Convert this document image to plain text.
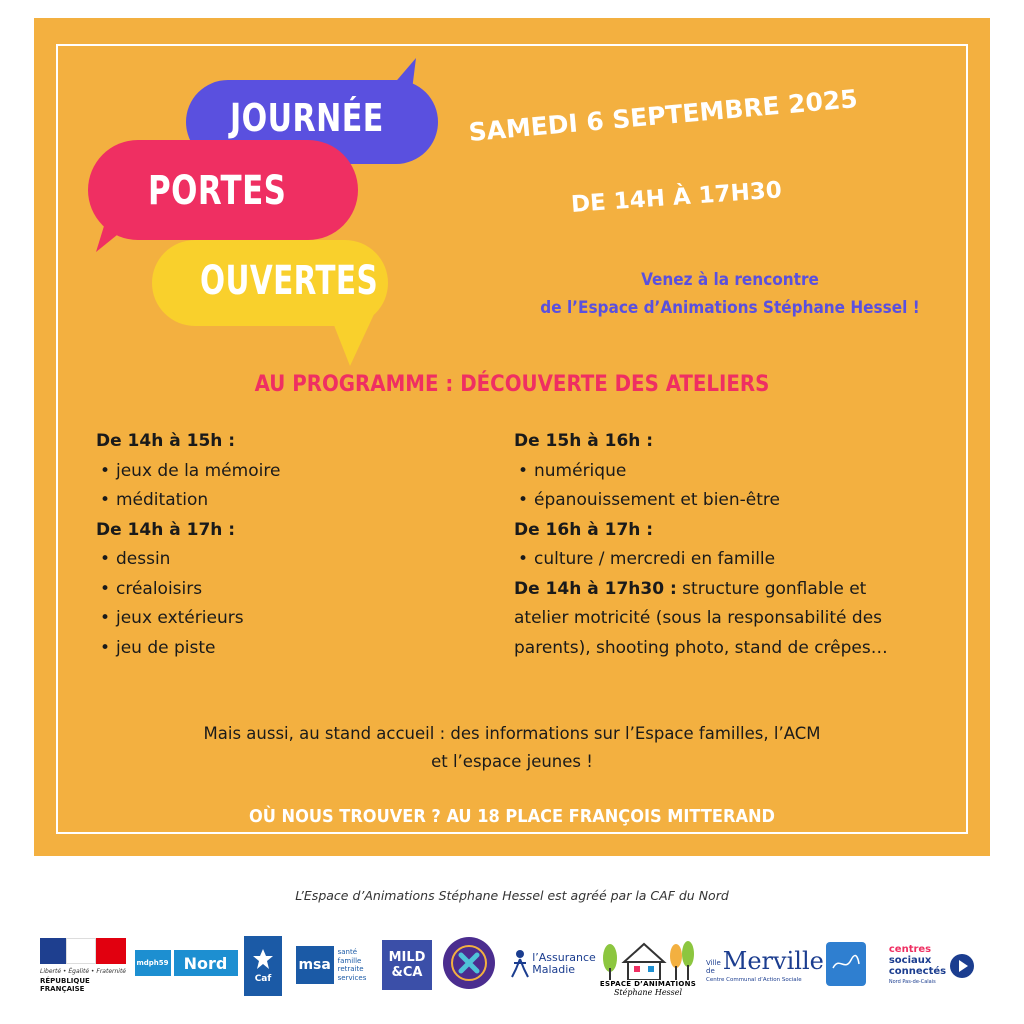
JOURNÉE
PORTES
OUVERTES
SAMEDI 6 SEPTEMBRE 2025
DE 14H À 17H30
Venez à la rencontre
de l’Espace d’Animations Stéphane Hessel !
AU PROGRAMME : DÉCOUVERTE DES ATELIERS
De 14h à 15h :
• jeux de la mémoire
• méditation
De 14h à 17h :
• dessin
• créaloisirs
• jeux extérieurs
• jeu de piste
De 15h à 16h :
• numérique
• épanouissement et bien-être
De 16h à 17h :
• culture / mercredi en famille
De 14h à 17h30 : structure gonflable et
atelier motricité (sous la responsabilité des
parents), shooting photo, stand de crêpes…
Mais aussi, au stand accueil : des informations sur l’Espace familles, l’ACM
et l’espace jeunes !
OÙ NOUS TROUVER ? AU 18 PLACE FRANÇOIS MITTERAND
L’Espace d’Animations Stéphane Hessel est agréé par la CAF du Nord
Liberté • Égalité • Fraternité
RÉPUBLIQUE FRANÇAISE
mdph59 Nord
Caf
msa
santé
famille
retraite
services
MILD
&CA
l’Assurance
Maladie
ESPACE D’ANIMATIONS
Stéphane Hessel
Ville de Merville
Centre Communal d’Action Sociale
centres
sociaux
connectés
Nord Pas-de-Calais
